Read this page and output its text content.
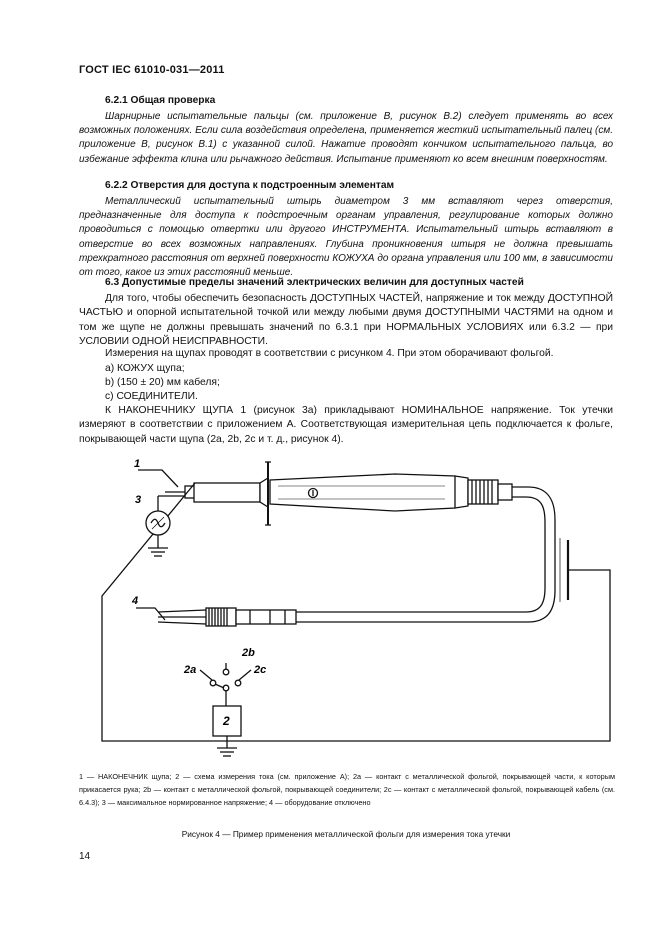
ГОСТ IEC 61010-031—2011
6.2.1 Общая проверка
Шарнирные испытательные пальцы (см. приложение В, рисунок В.2) следует применять во всех возможных положениях. Если сила воздействия определена, применяется жесткий испытательный палец (см. приложение В, рисунок В.1) с указанной силой. Нажатие проводят кончиком испытательного пальца, во избежание эффекта клина или рычажного действия. Испытание применяют ко всем внешним поверхностям.
6.2.2 Отверстия для доступа к подстроенным элементам
Металлический испытательный штырь диаметром 3 мм вставляют через отверстия, предназначенные для доступа к подстроечным органам управления, регулирование которых должно проводиться с помощью отвертки или другого ИНСТРУМЕНТА. Испытательный штырь вставляют в отверстие во всех возможных направлениях. Глубина проникновения штыря не должна превышать трехкратного расстояния от верхней поверхности КОЖУХА до органа управления или 100 мм, в зависимости от того, какое из этих расстояний меньше.
6.3 Допустимые пределы значений электрических величин для доступных частей
Для того, чтобы обеспечить безопасность ДОСТУПНЫХ ЧАСТЕЙ, напряжение и ток между ДОСТУПНОЙ ЧАСТЬЮ и опорной испытательной точкой или между любыми двумя ДОСТУПНЫМИ ЧАСТЯМИ на одном и том же щупе не должны превышать значений по 6.3.1 при НОРМАЛЬНЫХ УСЛОВИЯХ или 6.3.2 — при УСЛОВИИ ОДНОЙ НЕИСПРАВНОСТИ.
Измерения на щупах проводят в соответствии с рисунком 4. При этом оборачивают фольгой.
a) КОЖУХ щупа;
b) (150 ± 20) мм кабеля;
c) СОЕДИНИТЕЛИ.
К НАКОНЕЧНИКУ ЩУПА 1 (рисунок 3а) прикладывают НОМИНАЛЬНОЕ напряжение. Ток утечки измеряют в соответствии с приложением А. Соответствующая измерительная цепь подключается к фольге, покрывающей части щупа (2а, 2b, 2с и т. д., рисунок 4).
1
3
4
2b
2a	2c
2
1 — НАКОНЕЧНИК щупа; 2 — схема измерения тока (см. приложение А); 2а — контакт с металлической фольгой, покрывающей части, к которым прикасается рука; 2b — контакт с металлической фольгой, покрывающей соединители; 2с — контакт с металлической фольгой, покрывающей кабель (см. 6.4.3); 3 — максимальное нормированное напряжение; 4 — оборудование отключено
Рисунок 4 — Пример применения металлической фольги для измерения тока утечки
14
